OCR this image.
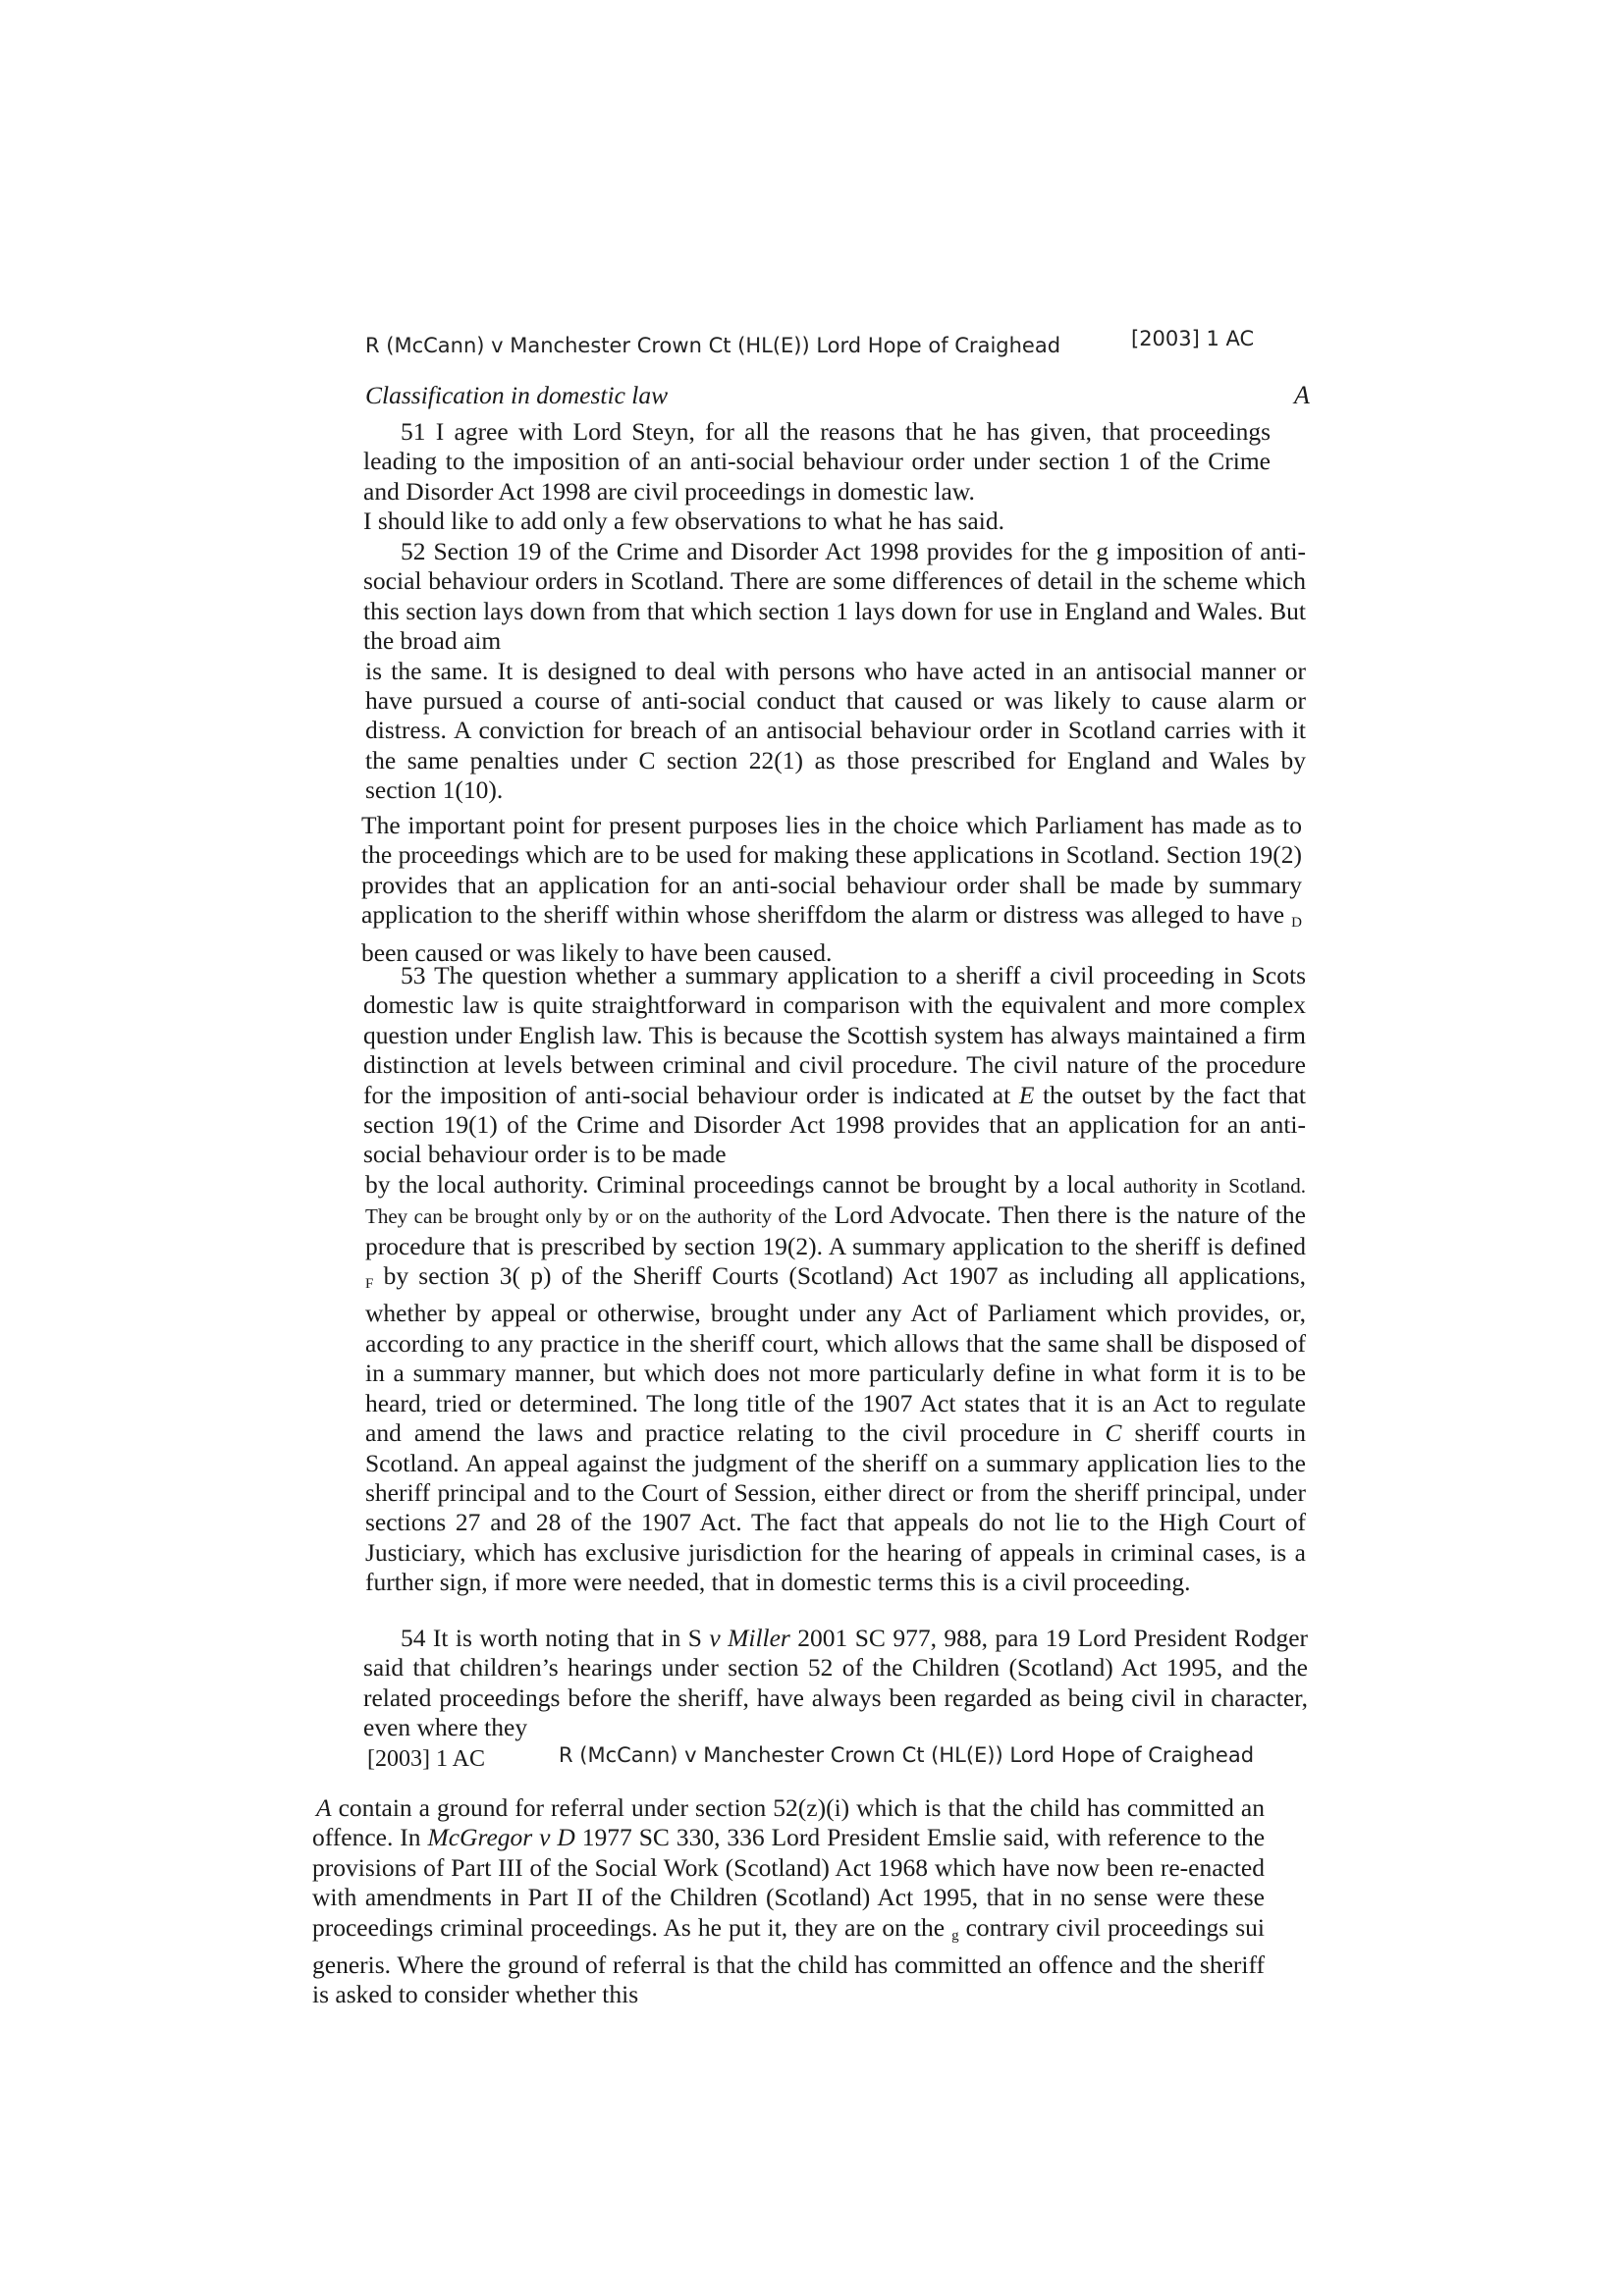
R (McCann) v Manchester Crown Ct (HL(E)) Lord Hope of Craighead	[2003] 1 AC
Classification in domestic law	A

51 I agree with Lord Steyn, for all the reasons that he has given, that proceedings leading to the imposition of an anti-social behaviour order under section 1 of the Crime and Disorder Act 1998 are civil proceedings in domestic law.

I should like to add only a few observations to what he has said.

52 Section 19 of the Crime and Disorder Act 1998 provides for the g imposition of anti-social behaviour orders in Scotland. There are some differences of detail in the scheme which this section lays down from that which section 1 lays down for use in England and Wales. But the broad aim

is the same. It is designed to deal with persons who have acted in an antisocial manner or have pursued a course of anti-social conduct that caused or was likely to cause alarm or distress. A conviction for breach of an antisocial behaviour order in Scotland carries with it the same penalties under C section 22(1) as those prescribed for England and Wales by section 1(10).

The important point for present purposes lies in the choice which Parliament has made as to the proceedings which are to be used for making these applications in Scotland. Section 19(2) provides that an application for an anti-social behaviour order shall be made by summary application to the sheriff within whose sheriffdom the alarm or distress was alleged to have $_D$ been caused or was likely to have been caused.

53 The question whether a summary application to a sheriff a civil proceeding in Scots domestic law is quite straightforward in comparison with the equivalent and more complex question under English law. This is because the Scottish system has always maintained a firm distinction at levels between criminal and civil procedure. The civil nature of the procedure for the imposition of anti-social behaviour order is indicated at E the outset by the fact that section 19(1) of the Crime and Disorder Act 1998 provides that an application for an anti-social behaviour order is to be made

by the local authority. Criminal proceedings cannot be brought by a local authority in Scotland. They can be brought only by or on the authority of the Lord Advocate. Then there is the nature of the procedure that is prescribed by section 19(2). A summary application to the sheriff is defined $_F$ by section 3( p) of the Sheriff Courts (Scotland) Act 1907 as including all applications, whether by appeal or otherwise, brought under any Act of Parliament which provides, or, according to any practice in the sheriff court, which allows that the same shall be disposed of in a summary manner, but which does not more particularly define in what form it is to be heard, tried or determined. The long title of the 1907 Act states that it is an Act to regulate and amend the laws and practice relating to the civil procedure in C sheriff courts in Scotland. An appeal against the judgment of the sheriff on a summary application lies to the sheriff principal and to the Court of Session, either direct or from the sheriff principal, under sections 27 and 28 of the 1907 Act. The fact that appeals do not lie to the High Court of Justiciary, which has exclusive jurisdiction for the hearing of appeals in criminal cases, is a further sign, if more were needed, that in domestic terms this is a civil proceeding.

54 It is worth noting that in S v Miller 2001 SC 977, 988, para 19 Lord President Rodger said that children’s hearings under section 52 of the Children (Scotland) Act 1995, and the related proceedings before the sheriff, have always been regarded as being civil in character, even where they

[2003] 1 AC	R (McCann) v Manchester Crown Ct (HL(E)) Lord Hope of Craighead

A contain a ground for referral under section 52(z)(i) which is that the child has committed an offence. In McGregor v D 1977 SC 330, 336 Lord President Emslie said, with reference to the provisions of Part III of the Social Work (Scotland) Act 1968 which have now been re-enacted with amendments in Part II of the Children (Scotland) Act 1995, that in no sense were these proceedings criminal proceedings. As he put it, they are on the $_g$ contrary civil proceedings sui generis. Where the ground of referral is that the child has committed an offence and the sheriff is asked to consider whether this
